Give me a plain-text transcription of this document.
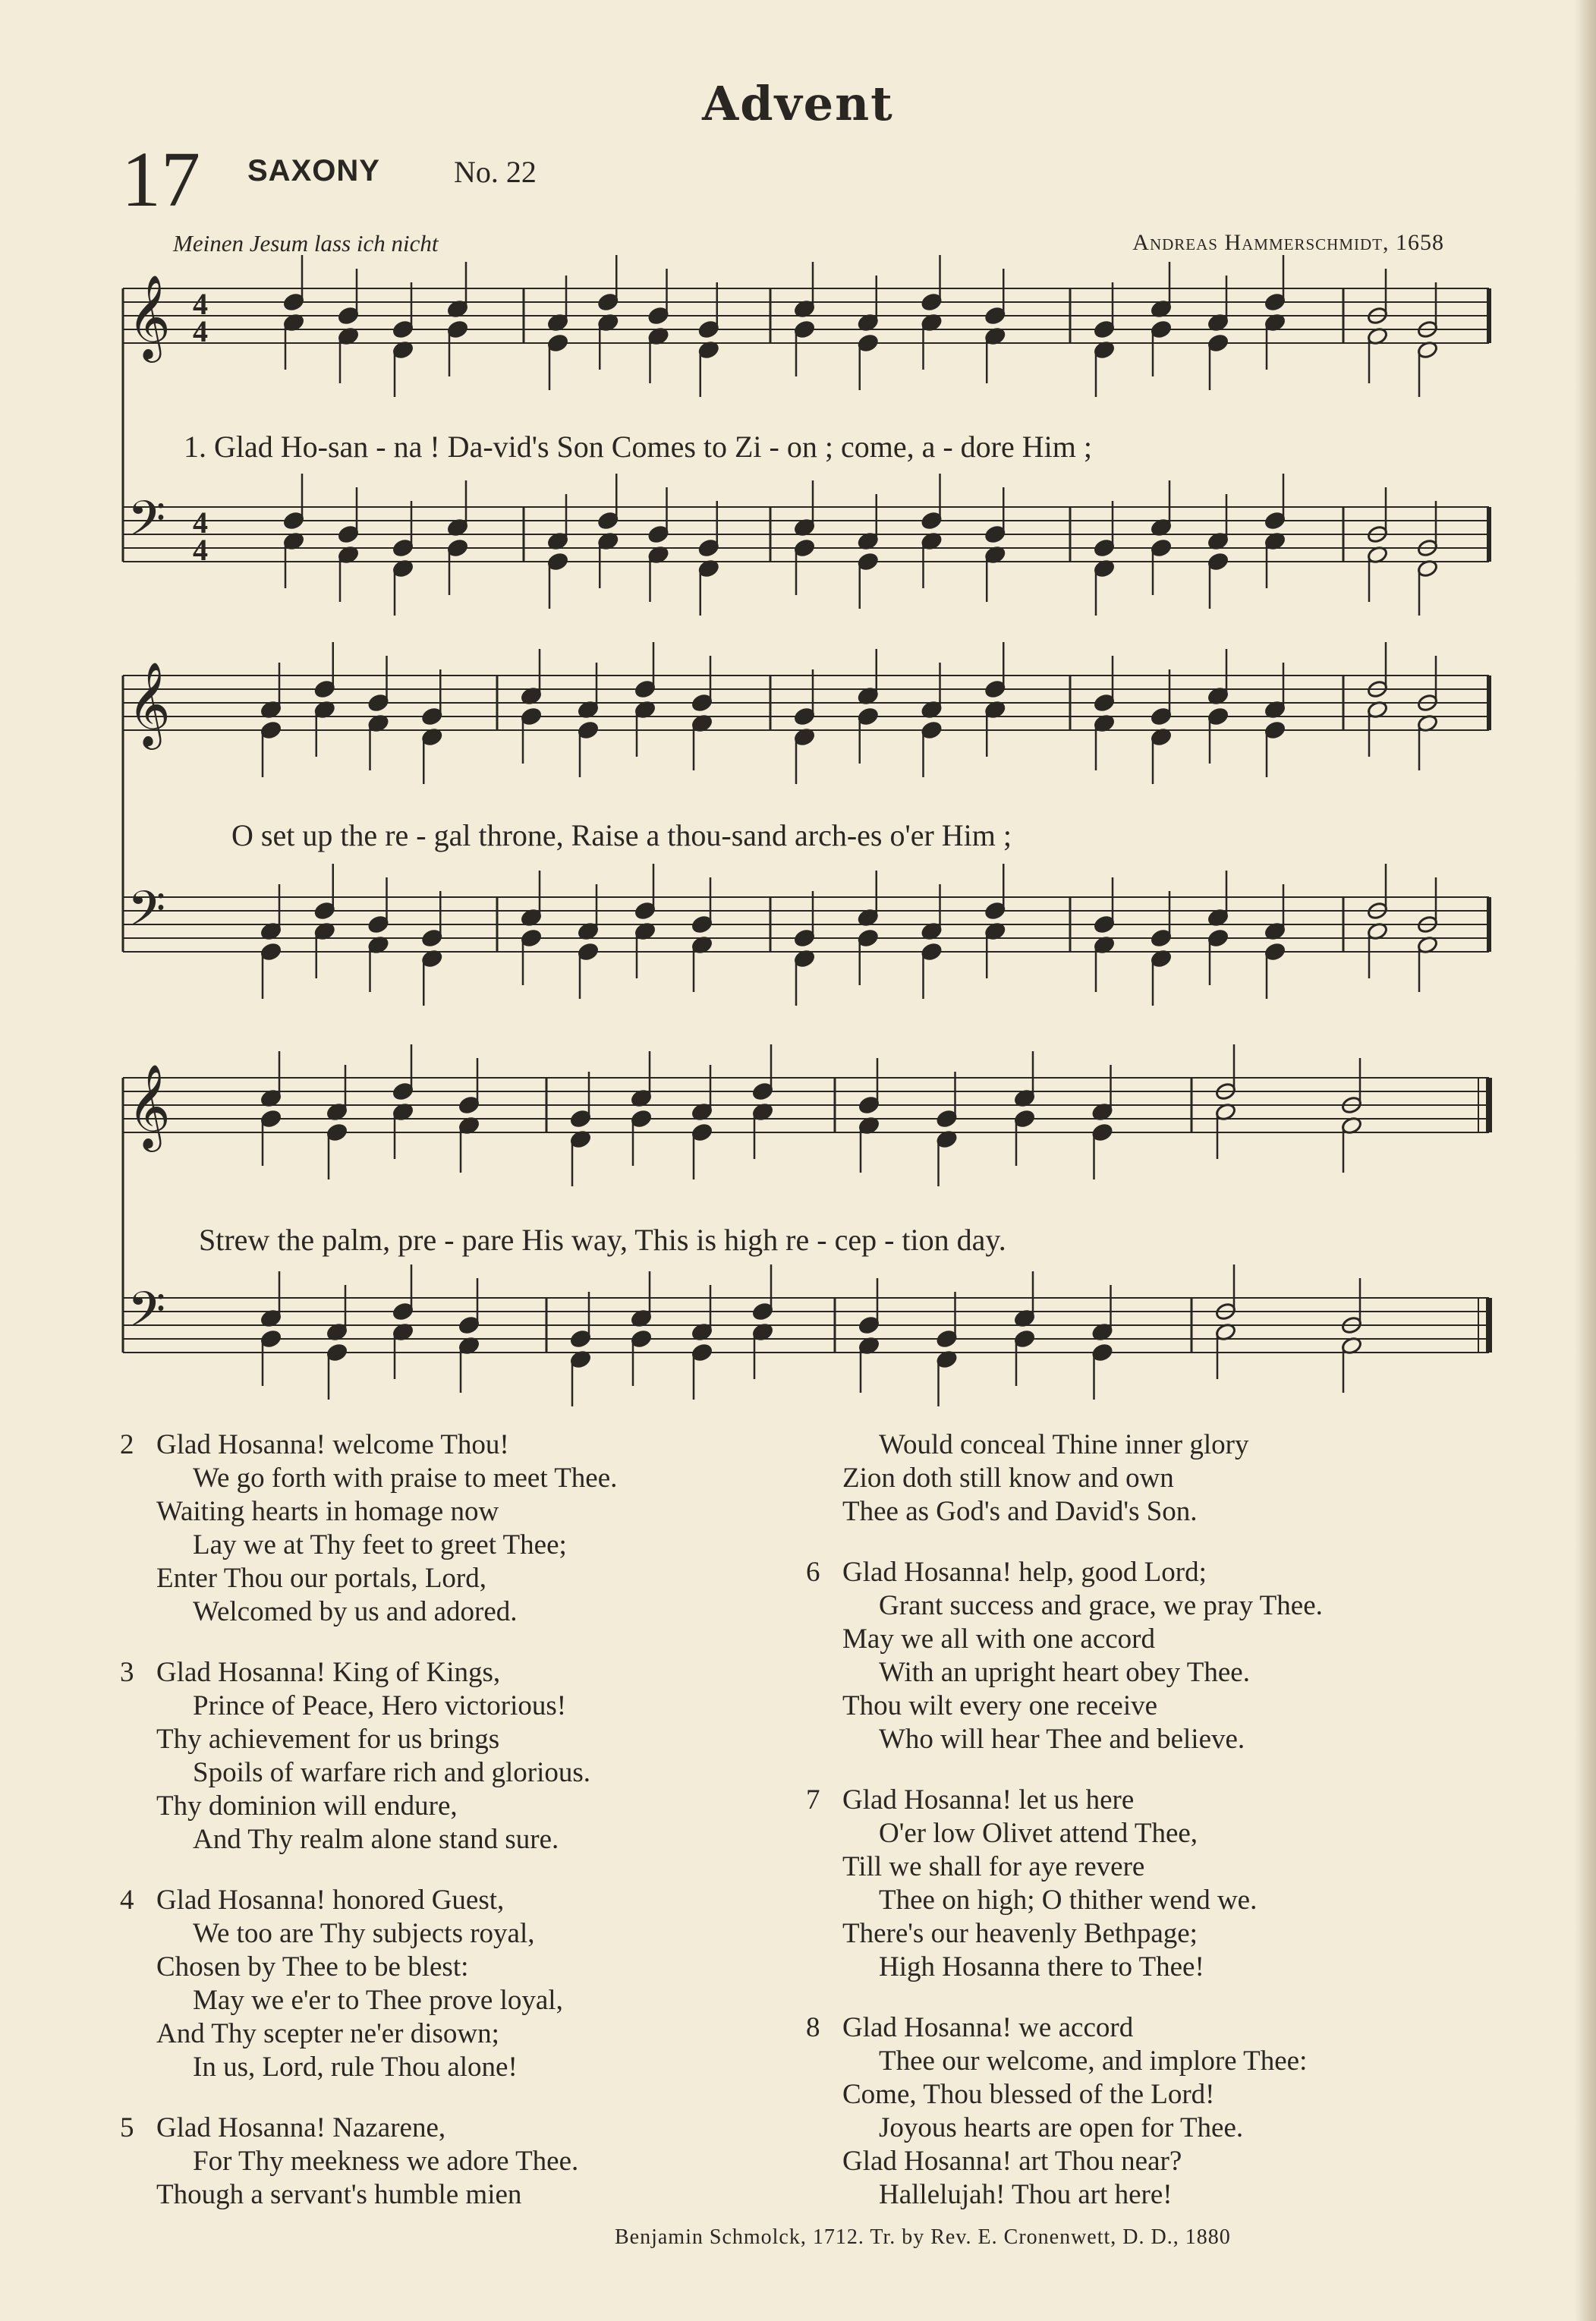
Advent
17 SAXONY No. 22
Meinen Jesum lass ich nicht	Andreas Hammerschmidt, 1658
𝄞 4
4
𝄢 4
4
𝄞
𝄢
𝄞
𝄢
1. Glad Ho-san - na ! Da-vid's Son Comes to Zi - on ; come, a - dore Him ;
O set up the re - gal throne, Raise a thou-sand arch-es o'er Him ;
Strew the palm, pre - pare His way, This is high re - cep - tion day.
2 Glad Hosanna! welcome Thou!
We go forth with praise to meet Thee.
Waiting hearts in homage now
Lay we at Thy feet to greet Thee;
Enter Thou our portals, Lord,
Welcomed by us and adored.
3 Glad Hosanna! King of Kings,
Prince of Peace, Hero victorious!
Thy achievement for us brings
Spoils of warfare rich and glorious.
Thy dominion will endure,
And Thy realm alone stand sure.
4 Glad Hosanna! honored Guest,
We too are Thy subjects royal,
Chosen by Thee to be blest:
May we e'er to Thee prove loyal,
And Thy scepter ne'er disown;
In us, Lord, rule Thou alone!
5 Glad Hosanna! Nazarene,
For Thy meekness we adore Thee.
Though a servant's humble mien
Would conceal Thine inner glory
Zion doth still know and own
Thee as God's and David's Son.
6 Glad Hosanna! help, good Lord;
Grant success and grace, we pray Thee.
May we all with one accord
With an upright heart obey Thee.
Thou wilt every one receive
Who will hear Thee and believe.
7 Glad Hosanna! let us here
O'er low Olivet attend Thee,
Till we shall for aye revere
Thee on high; O thither wend we.
There's our heavenly Bethpage;
High Hosanna there to Thee!
8 Glad Hosanna! we accord
Thee our welcome, and implore Thee:
Come, Thou blessed of the Lord!
Joyous hearts are open for Thee.
Glad Hosanna! art Thou near?
Hallelujah! Thou art here!
Benjamin Schmolck, 1712. Tr. by Rev. E. Cronenwett, D. D., 1880
